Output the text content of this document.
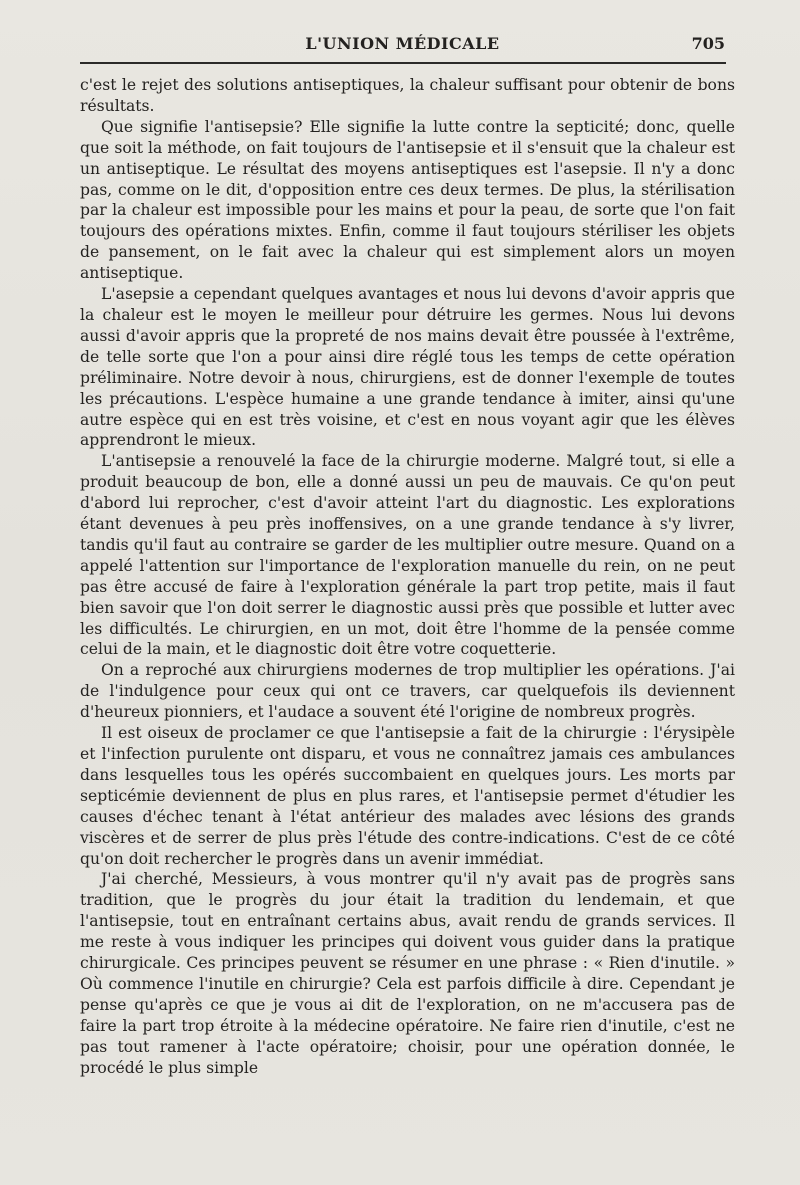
L'UNION MÉDICALE	705

c'est le rejet des solutions antiseptiques, la chaleur suffisant pour obtenir de bons résultats.

Que signifie l'antisepsie? Elle signifie la lutte contre la septicité; donc, quelle que soit la méthode, on fait toujours de l'antisepsie et il s'ensuit que la chaleur est un antiseptique. Le résultat des moyens antiseptiques est l'asepsie. Il n'y a donc pas, comme on le dit, d'opposition entre ces deux termes. De plus, la stérilisation par la chaleur est impossible pour les mains et pour la peau, de sorte que l'on fait toujours des opérations mixtes. Enfin, comme il faut toujours stériliser les objets de pansement, on le fait avec la chaleur qui est simplement alors un moyen antiseptique.

L'asepsie a cependant quelques avantages et nous lui devons d'avoir appris que la chaleur est le moyen le meilleur pour détruire les germes. Nous lui devons aussi d'avoir appris que la propreté de nos mains devait être poussée à l'extrême, de telle sorte que l'on a pour ainsi dire réglé tous les temps de cette opération préliminaire. Notre devoir à nous, chirurgiens, est de donner l'exemple de toutes les précautions. L'espèce humaine a une grande tendance à imiter, ainsi qu'une autre espèce qui en est très voisine, et c'est en nous voyant agir que les élèves apprendront le mieux.

L'antisepsie a renouvelé la face de la chirurgie moderne. Malgré tout, si elle a produit beaucoup de bon, elle a donné aussi un peu de mauvais. Ce qu'on peut d'abord lui reprocher, c'est d'avoir atteint l'art du diagnostic. Les explorations étant devenues à peu près inoffensives, on a une grande tendance à s'y livrer, tandis qu'il faut au contraire se garder de les multiplier outre mesure. Quand on a appelé l'attention sur l'importance de l'exploration manuelle du rein, on ne peut pas être accusé de faire à l'exploration générale la part trop petite, mais il faut bien savoir que l'on doit serrer le diagnostic aussi près que possible et lutter avec les difficultés. Le chirurgien, en un mot, doit être l'homme de la pensée comme celui de la main, et le diagnostic doit être votre coquetterie.

On a reproché aux chirurgiens modernes de trop multiplier les opérations. J'ai de l'indulgence pour ceux qui ont ce travers, car quelquefois ils deviennent d'heureux pionniers, et l'audace a souvent été l'origine de nombreux progrès.

Il est oiseux de proclamer ce que l'antisepsie a fait de la chirurgie : l'érysipèle et l'infection purulente ont disparu, et vous ne connaîtrez jamais ces ambulances dans lesquelles tous les opérés succombaient en quelques jours. Les morts par septicémie deviennent de plus en plus rares, et l'antisepsie permet d'étudier les causes d'échec tenant à l'état antérieur des malades avec lésions des grands viscères et de serrer de plus près l'étude des contre-indications. C'est de ce côté qu'on doit rechercher le progrès dans un avenir immédiat.

J'ai cherché, Messieurs, à vous montrer qu'il n'y avait pas de progrès sans tradition, que le progrès du jour était la tradition du lendemain, et que l'antisepsie, tout en entraînant certains abus, avait rendu de grands services. Il me reste à vous indiquer les principes qui doivent vous guider dans la pratique chirurgicale. Ces principes peuvent se résumer en une phrase : « Rien d'inutile. » Où commence l'inutile en chirurgie? Cela est parfois difficile à dire. Cependant je pense qu'après ce que je vous ai dit de l'exploration, on ne m'accusera pas de faire la part trop étroite à la médecine opératoire. Ne faire rien d'inutile, c'est ne pas tout ramener à l'acte opératoire; choisir, pour une opération donnée, le procédé le plus simple
